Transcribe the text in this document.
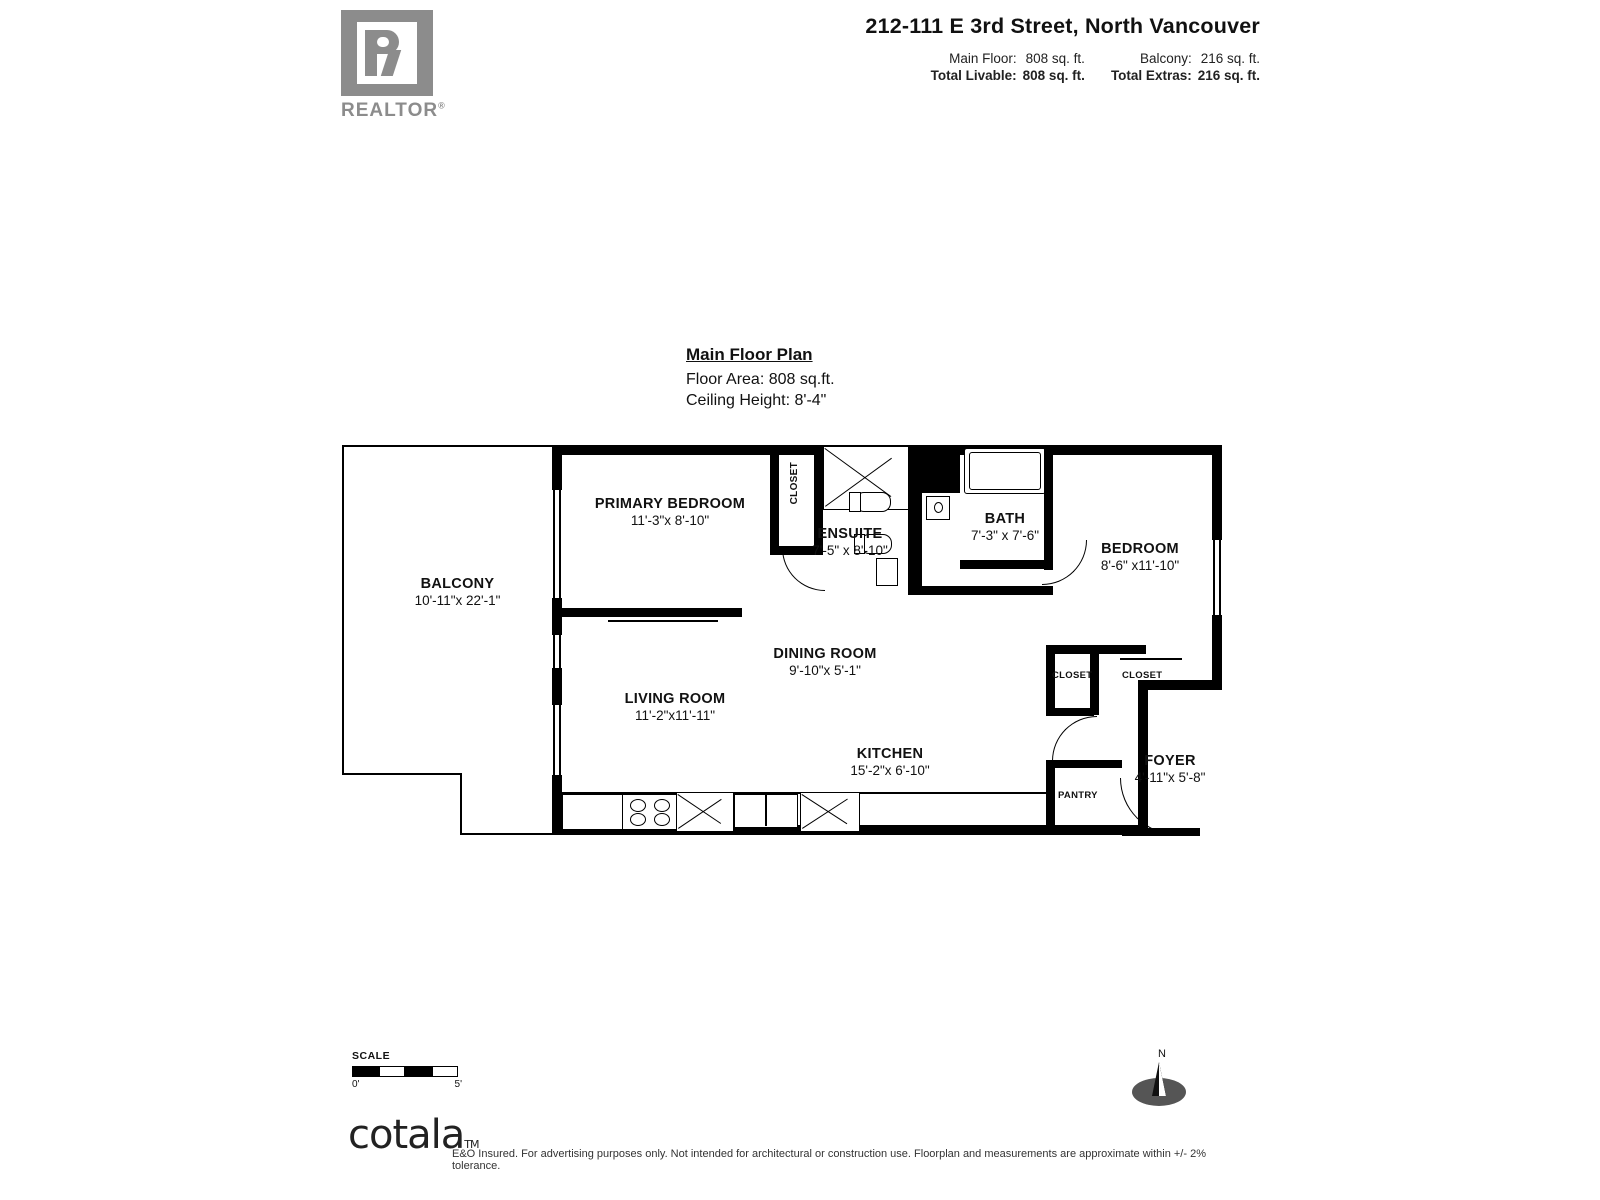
REALTOR®
212-111 E 3rd Street, North Vancouver
Main Floor:	808 sq. ft.	Balcony:	216 sq. ft.
Total Livable:	808 sq. ft.	Total Extras:	216 sq. ft.
Main Floor Plan
Floor Area: 808 sq.ft.
Ceiling Height: 8'-4"
CLOSET
CLOSET	CLOSET
PANTRY
BALCONY
10'-11"x 22'-1"
PRIMARY BEDROOM
11'-3"x 8'-10"
ENSUITE
7'-5" x 8'-10"
BATH
7'-3" x 7'-6"
BEDROOM
8'-6" x11'-10"
DINING ROOM
9'-10"x 5'-1"
LIVING ROOM
11'-2"x11'-11"
KITCHEN
15'-2"x 6'-10"
FOYER
4'-11"x 5'-8"
SCALE
0'	5'
N
cotalaTM
E&O Insured. For advertising purposes only. Not intended for architectural or construction use. Floorplan and measurements are approximate within +/- 2% tolerance.
